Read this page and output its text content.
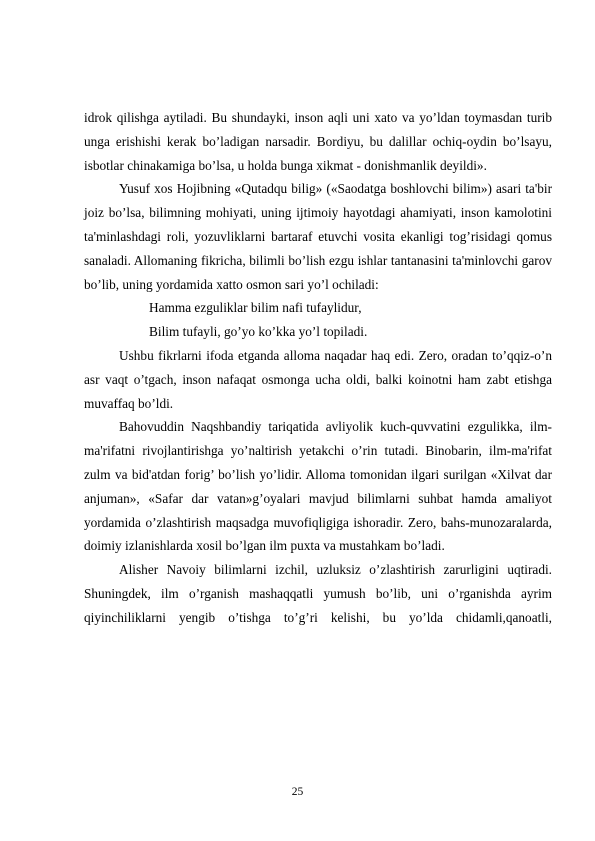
idrok qilishga aytiladi. Bu shundayki, inson aqli uni xato va yo’ldan toymasdan turib unga erishishi kerak bo’ladigan narsadir. Bordiyu, bu dalillar ochiq-oydin bo’lsayu, isbotlar chinakamiga bo’lsa, u holda bunga xikmat - donishmanlik deyildi».

Yusuf xos Hojibning «Qutadqu bilig» («Saodatga boshlovchi bilim») asari ta'bir joiz bo’lsa, bilimning mohiyati, uning ijtimoiy hayotdagi ahamiyati, inson kamolotini ta'minlashdagi roli, yozuvliklarni bartaraf etuvchi vosita ekanligi tog’risidagi qomus sanaladi. Allomaning fikricha, bilimli bo’lish ezgu ishlar tantanasini ta'minlovchi garov bo’lib, uning yordamida xatto osmon sari yo’l ochiladi:

Hamma ezguliklar bilim nafi tufaylidur,

Bilim tufayli, go’yo ko’kka yo’l topiladi.

Ushbu fikrlarni ifoda etganda alloma naqadar haq edi. Zero, oradan to’qqiz-o’n asr vaqt o’tgach, inson nafaqat osmonga ucha oldi, balki koinotni ham zabt etishga muvaffaq bo’ldi.

Bahovuddin Naqshbandiy tariqatida avliyolik kuch-quvvatini ezgulikka, ilm-ma'rifatni rivojlantirishga yo’naltirish yetakchi o’rin tutadi. Binobarin, ilm-ma'rifat zulm va bid'atdan forig’ bo’lish yo’lidir. Alloma tomonidan ilgari surilgan «Xilvat dar anjuman», «Safar dar vatan»g’oyalari mavjud bilimlarni suhbat hamda amaliyot yordamida o’zlashtirish maqsadga muvofiqligiga ishoradir. Zero, bahs-munozaralarda, doimiy izlanishlarda xosil bo’lgan ilm puxta va mustahkam bo’ladi.

Alisher Navoiy bilimlarni izchil, uzluksiz o’zlashtirish zarurligini uqtiradi. Shuningdek, ilm o’rganish mashaqqatli yumush bo’lib, uni o’rganishda ayrim qiyinchiliklarni yengib o’tishga to’g’ri kelishi, bu yo’lda chidamli,qanoatli,

25
